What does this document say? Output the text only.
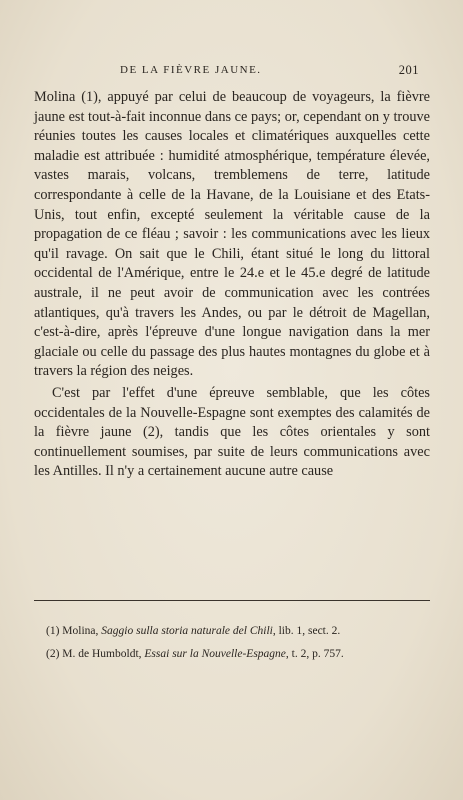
DE LA FIÈVRE JAUNE.	201

Molina (1), appuyé par celui de beaucoup de voyageurs, la fièvre jaune est tout-à-fait inconnue dans ce pays; or, cependant on y trouve réunies toutes les causes locales et climatériques auxquelles cette maladie est attribuée : humidité atmosphérique, température élevée, vastes marais, volcans, tremblemens de terre, latitude correspondante à celle de la Havane, de la Louisiane et des Etats-Unis, tout enfin, excepté seulement la véritable cause de la propagation de ce fléau ; savoir : les communications avec les lieux qu'il ravage. On sait que le Chili, étant situé le long du littoral occidental de l'Amérique, entre le 24.e et le 45.e degré de latitude australe, il ne peut avoir de communication avec les contrées atlantiques, qu'à travers les Andes, ou par le détroit de Magellan, c'est-à-dire, après l'épreuve d'une longue navigation dans la mer glaciale ou celle du passage des plus hautes montagnes du globe et à travers la région des neiges.

C'est par l'effet d'une épreuve semblable, que les côtes occidentales de la Nouvelle-Espagne sont exemptes des calamités de la fièvre jaune (2), tandis que les côtes orientales y sont continuellement soumises, par suite de leurs communications avec les Antilles. Il n'y a certainement aucune autre cause

(1) Molina, Saggio sulla storia naturale del Chili, lib. 1, sect. 2.

(2) M. de Humboldt, Essai sur la Nouvelle-Espagne, t. 2, p. 757.
